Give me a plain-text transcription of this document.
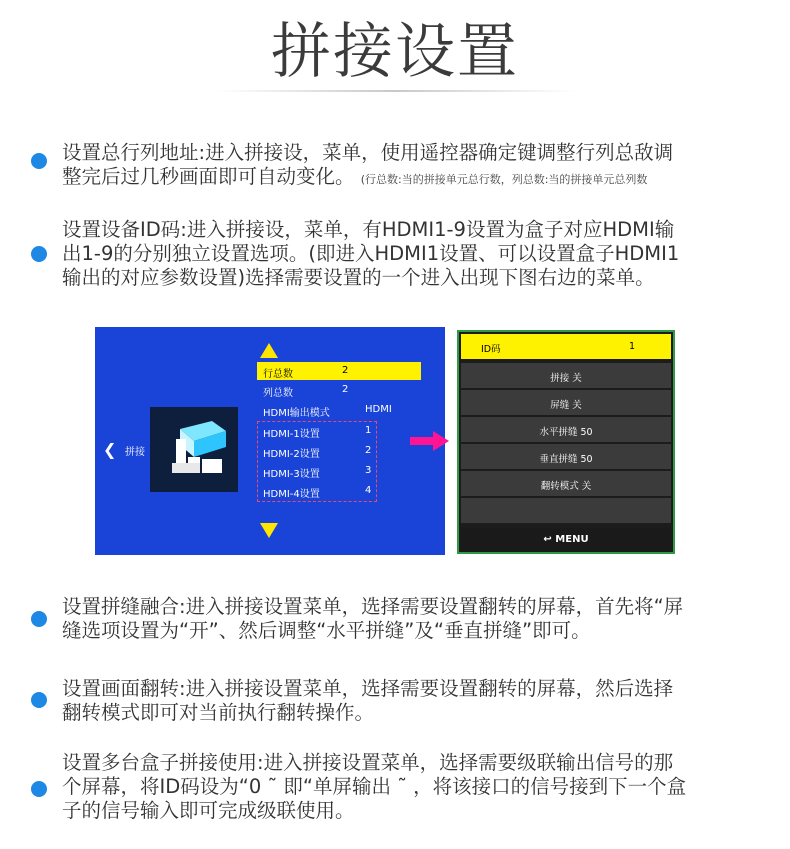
拼接设置
设置总行列地址:进入拼接设，菜单，使用遥控器确定键调整行列总敌调
整完后过几秒画面即可自动变化。 (行总数:当的拼接单元总行数，列总数:当的拼接单元总列数
设置设备ID码:进入拼接设，菜单，有HDMI1-9设置为盒子对应HDMI输
出1-9的分别独立设置选项。(即进入HDMI1设置、可以设置盒子HDMI1
输出的对应参数设置)选择需要设置的一个进入出现下图右边的菜单。
❮ 拼接
行总数	2
列总数	2
HDMI输出模式	HDMI
HDMI-1设置	1
HDMI-2设置	2
HDMI-3设置	3
HDMI-4设置	4
ID码	1
拼接 关
屏缝 关
水平拼缝 50
垂直拼缝 50
翻转模式 关
↩ MENU
设置拼缝融合:进入拼接设置菜单，选择需要设置翻转的屏幕，首先将“屏
缝选项设置为“开”、然后调整“水平拼缝”及“垂直拼缝”即可。
设置画面翻转:进入拼接设置菜单，选择需要设置翻转的屏幕，然后选择
翻转模式即可对当前执行翻转操作。
设置多台盒子拼接使用:进入拼接设置菜单，选择需要级联输出信号的那
个屏幕，将ID码设为“0 ˜ 即“单屏输出 ˜ ，将该接口的信号接到下一个盒
子的信号输入即可完成级联使用。
